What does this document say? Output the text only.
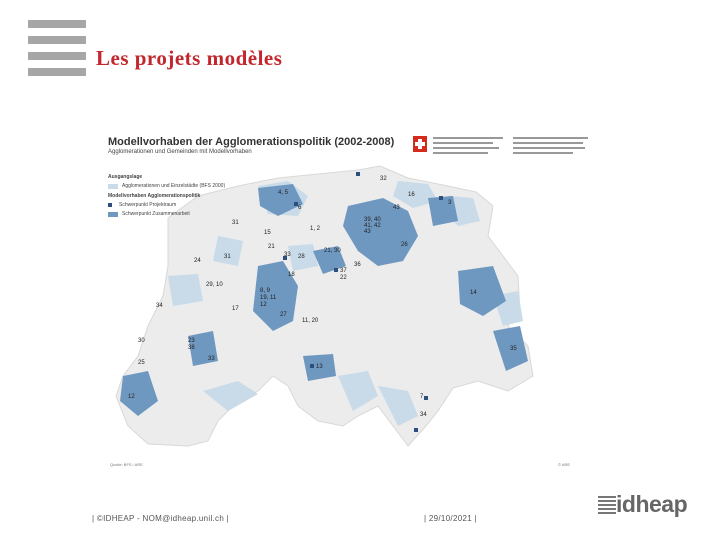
Les projets modèles
32
4, 5
6
16
43
31
15
1, 2
3
39, 40
41, 42
43
26
21
33 28
21, 30
24
31
18
36
37
22
29, 10
8, 9	14
19, 11
12
34	17
27
11, 20
30	23
38
33
25
13
35
12	7
34
Quelle: BFS / ARE	© ARE
Modellvorhaben der Agglomerationspolitik (2002-2008)
Agglomerationen und Gemeinden mit Modellvorhaben
Ausgangslage
Agglomerationen und Einzelstädte (BFS 2000)
Modellvorhaben Agglomerationspolitik
Schwerpunkt Projektraum
Schwerpunkt Zusammenarbeit
| ©IDHEAP - NOM@idheap.unil.ch |	| 29/10/2021 |
idheap
